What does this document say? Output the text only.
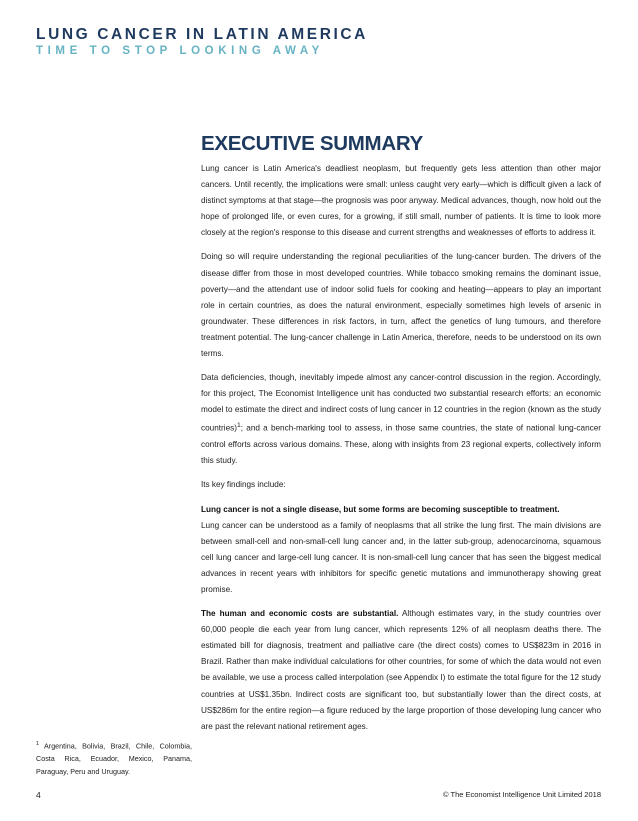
LUNG CANCER IN LATIN AMERICA
TIME TO STOP LOOKING AWAY
EXECUTIVE SUMMARY

Lung cancer is Latin America's deadliest neoplasm, but frequently gets less attention than other major cancers. Until recently, the implications were small: unless caught very early—which is difficult given a lack of distinct symptoms at that stage—the prognosis was poor anyway. Medical advances, though, now hold out the hope of prolonged life, or even cures, for a growing, if still small, number of patients. It is time to look more closely at the region's response to this disease and current strengths and weaknesses of efforts to address it.

Doing so will require understanding the regional peculiarities of the lung-cancer burden. The drivers of the disease differ from those in most developed countries. While tobacco smoking remains the dominant issue, poverty—and the attendant use of indoor solid fuels for cooking and heating—appears to play an important role in certain countries, as does the natural environment, especially sometimes high levels of arsenic in groundwater. These differences in risk factors, in turn, affect the genetics of lung tumours, and therefore treatment potential. The lung-cancer challenge in Latin America, therefore, needs to be understood on its own terms.

Data deficiencies, though, inevitably impede almost any cancer-control discussion in the region. Accordingly, for this project, The Economist Intelligence unit has conducted two substantial research efforts: an economic model to estimate the direct and indirect costs of lung cancer in 12 countries in the region (known as the study countries)$^1$; and a bench-marking tool to assess, in those same countries, the state of national lung-cancer control efforts across various domains. These, along with insights from 23 regional experts, collectively inform this study.

Its key findings include:

Lung cancer is not a single disease, but some forms are becoming susceptible to treatment.
Lung cancer can be understood as a family of neoplasms that all strike the lung first. The main divisions are between small-cell and non-small-cell lung cancer and, in the latter sub-group, adenocarcinoma, squamous cell lung cancer and large-cell lung cancer. It is non-small-cell lung cancer that has seen the biggest medical advances in recent years with inhibitors for specific genetic mutations and immunotherapy showing great promise.

The human and economic costs are substantial. Although estimates vary, in the study countries over 60,000 people die each year from lung cancer, which represents 12% of all neoplasm deaths there. The estimated bill for diagnosis, treatment and palliative care (the direct costs) comes to US$823m in 2016 in Brazil. Rather than make individual calculations for other countries, for some of which the data would not even be available, we use a process called interpolation (see Appendix I) to estimate the total figure for the 12 study countries at US$1.35bn. Indirect costs are significant too, but substantially lower than the direct costs, at US$286m for the entire region—a figure reduced by the large proportion of those developing lung cancer who are past the relevant national retirement ages.

$^1$ Argentina, Bolivia, Brazil, Chile, Colombia, Costa Rica, Ecuador, Mexico, Panama, Paraguay, Peru and Uruguay.

4	© The Economist Intelligence Unit Limited 2018
